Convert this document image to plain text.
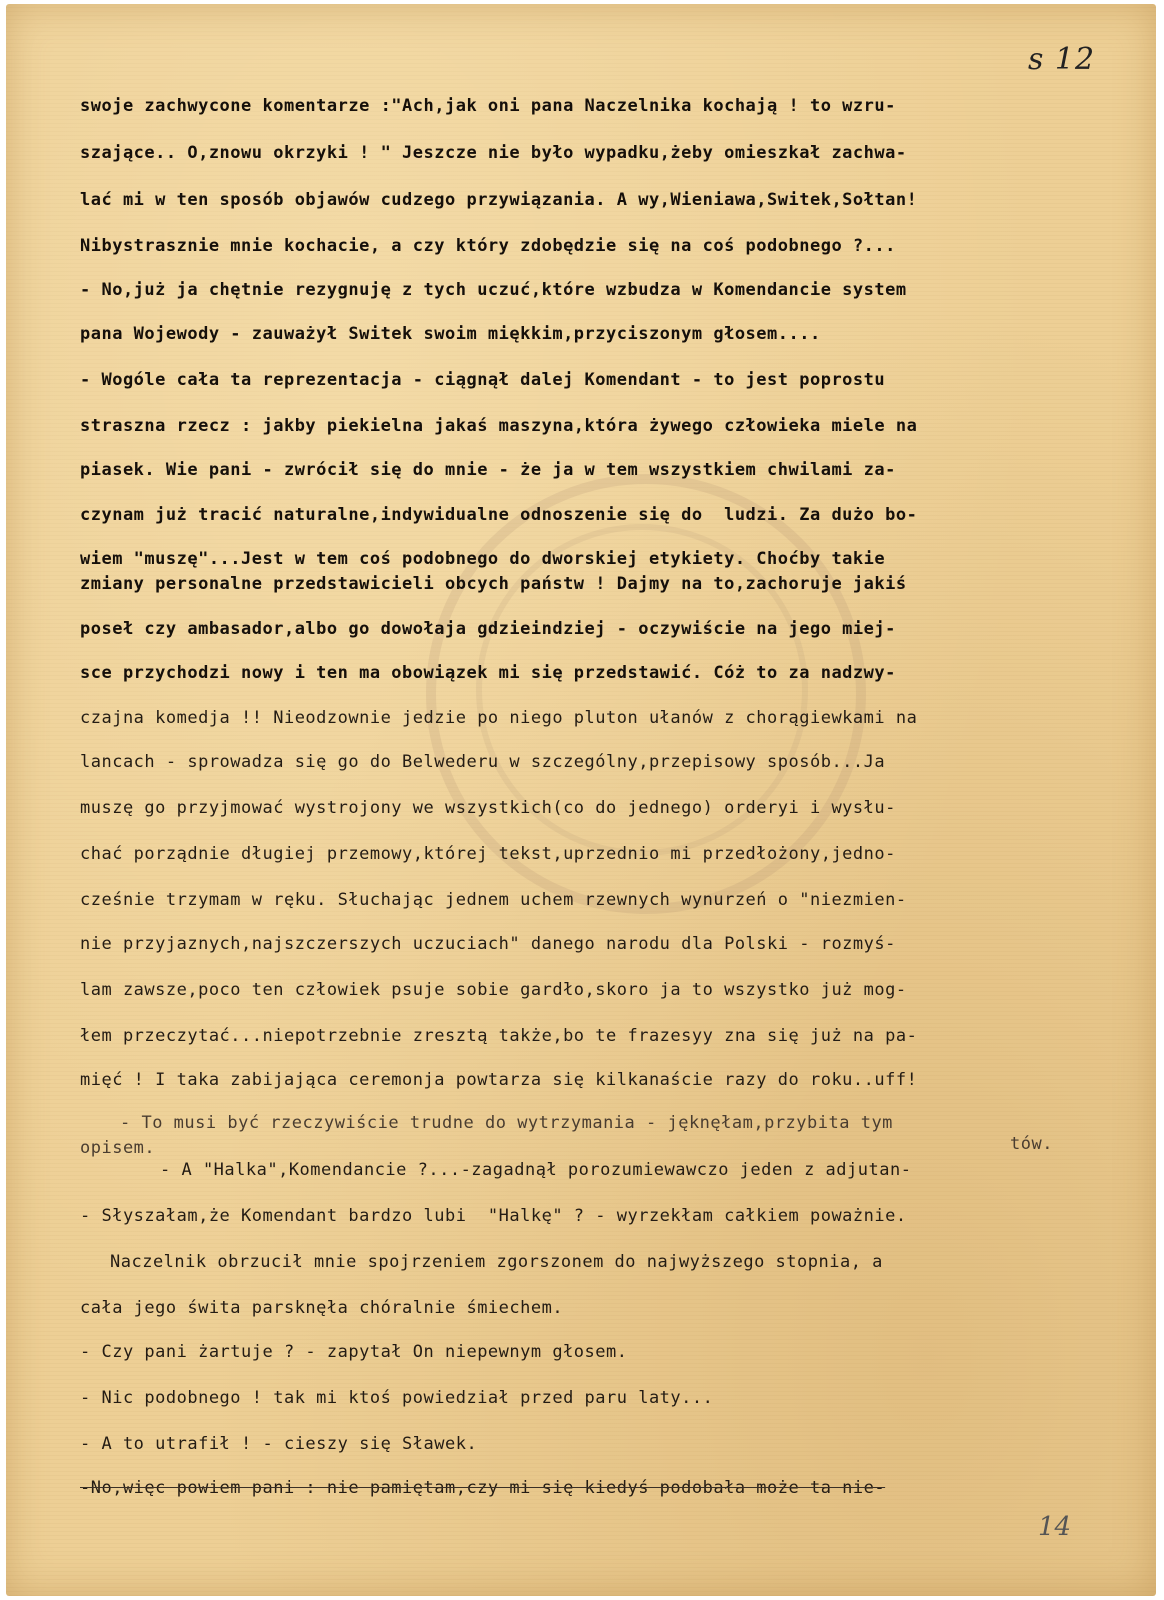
s 12
swoje zachwycone komentarze :"Ach,jak oni pana Naczelnika kochają ! to wzru-
szające.. O,znowu okrzyki ! " Jeszcze nie było wypadku,żeby omieszkał zachwa-
lać mi w ten sposób objawów cudzego przywiązania. A wy,Wieniawa,Switek,Sołtan!
Nibystrasznie mnie kochacie, a czy który zdobędzie się na coś podobnego ?...
- No,już ja chętnie rezygnuję z tych uczuć,które wzbudza w Komendancie system
pana Wojewody - zauważył Switek swoim miękkim,przyciszonym głosem....
- Wogóle cała ta reprezentacja - ciągnął dalej Komendant - to jest poprostu
straszna rzecz : jakby piekielna jakaś maszyna,która żywego człowieka miele na
piasek. Wie pani - zwrócił się do mnie - że ja w tem wszystkiem chwilami za-
czynam już tracić naturalne,indywidualne odnoszenie się do  ludzi. Za dużo bo-
wiem "muszę"...Jest w tem coś podobnego do dworskiej etykiety. Choćby takie
zmiany personalne przedstawicieli obcych państw ! Dajmy na to,zachoruje jakiś
poseł czy ambasador,albo go dowołaja gdzieindziej - oczywiście na jego miej-
sce przychodzi nowy i ten ma obowiązek mi się przedstawić. Cóż to za nadzwy-
czajna komedja !! Nieodzownie jedzie po niego pluton ułanów z chorągiewkami na
lancach - sprowadza się go do Belwederu w szczególny,przepisowy sposób...Ja
muszę go przyjmować wystrojony we wszystkich(co do jednego) orderyi i wysłu-
chać porządnie długiej przemowy,której tekst,uprzednio mi przedłożony,jedno-
cześnie trzymam w ręku. Słuchając jednem uchem rzewnych wynurzeń o "niezmien-
nie przyjaznych,najszczerszych uczuciach" danego narodu dla Polski - rozmyś-
lam zawsze,poco ten człowiek psuje sobie gardło,skoro ja to wszystko już mog-
łem przeczytać...niepotrzebnie zresztą także,bo te frazesyy zna się już na pa-
mięć ! I taka zabijająca ceremonja powtarza się kilkanaście razy do roku..uff!
- To musi być rzeczywiście trudne do wytrzymania - jęknęłam,przybita tym
opisem.	tów.
- A "Halka",Komendancie ?...-zagadnął porozumiewawczo jeden z adjutan-
- Słyszałam,że Komendant bardzo lubi  "Halkę" ? - wyrzekłam całkiem poważnie.
Naczelnik obrzucił mnie spojrzeniem zgorszonem do najwyższego stopnia, a
cała jego świta parsknęła chóralnie śmiechem.
- Czy pani żartuje ? - zapytał On niepewnym głosem.
- Nic podobnego ! tak mi ktoś powiedział przed paru laty...
- A to utrafił ! - cieszy się Sławek.
-No,więc powiem pani : nie pamiętam,czy mi się kiedyś podobała może ta nie-
14
